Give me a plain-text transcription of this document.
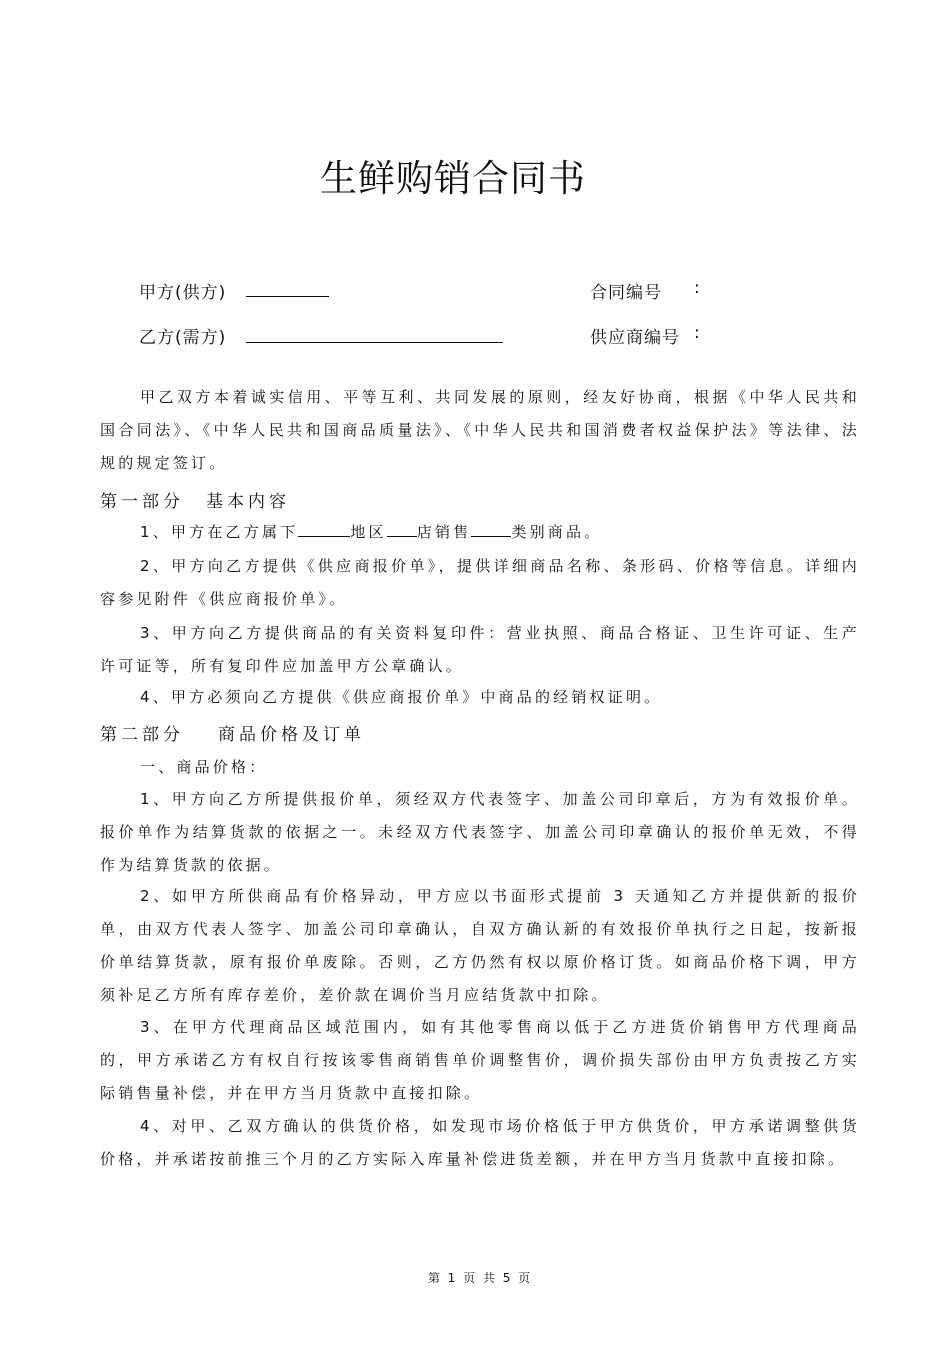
生鲜购销合同书
甲方(供方)	合同编号 :
乙方(需方)	供应商编号 :
甲乙双方本着诚实信用、平等互利、共同发展的原则，经友好协商，根据《中华人民共和国合同法》、《中华人民共和国商品质量法》、《中华人民共和国消费者权益保护法》等法律、法规的规定签订。
第一部分 基本内容
1、甲方在乙方属下	地区 店销售	类别商品。
2、甲方向乙方提供《供应商报价单》，提供详细商品名称、条形码、价格等信息。详细内容参见附件《供应商报价单》。
3、甲方向乙方提供商品的有关资料复印件：营业执照、商品合格证、卫生许可证、生产许可证等，所有复印件应加盖甲方公章确认。
4、甲方必须向乙方提供《供应商报价单》中商品的经销权证明。
第二部分 商品价格及订单
一、商品价格：
1、甲方向乙方所提供报价单，须经双方代表签字、加盖公司印章后，方为有效报价单。报价单作为结算货款的依据之一。未经双方代表签字、加盖公司印章确认的报价单无效，不得作为结算货款的依据。
2、如甲方所供商品有价格异动，甲方应以书面形式提前 3 天通知乙方并提供新的报价单，由双方代表人签字、加盖公司印章确认，自双方确认新的有效报价单执行之日起，按新报价单结算货款，原有报价单废除。否则，乙方仍然有权以原价格订货。如商品价格下调，甲方须补足乙方所有库存差价，差价款在调价当月应结货款中扣除。
3、在甲方代理商品区域范围内，如有其他零售商以低于乙方进货价销售甲方代理商品的，甲方承诺乙方有权自行按该零售商销售单价调整售价，调价损失部份由甲方负责按乙方实际销售量补偿，并在甲方当月货款中直接扣除。
4、对甲、乙双方确认的供货价格，如发现市场价格低于甲方供货价，甲方承诺调整供货价格，并承诺按前推三个月的乙方实际入库量补偿进货差额，并在甲方当月货款中直接扣除。
第 1 页 共 5 页
